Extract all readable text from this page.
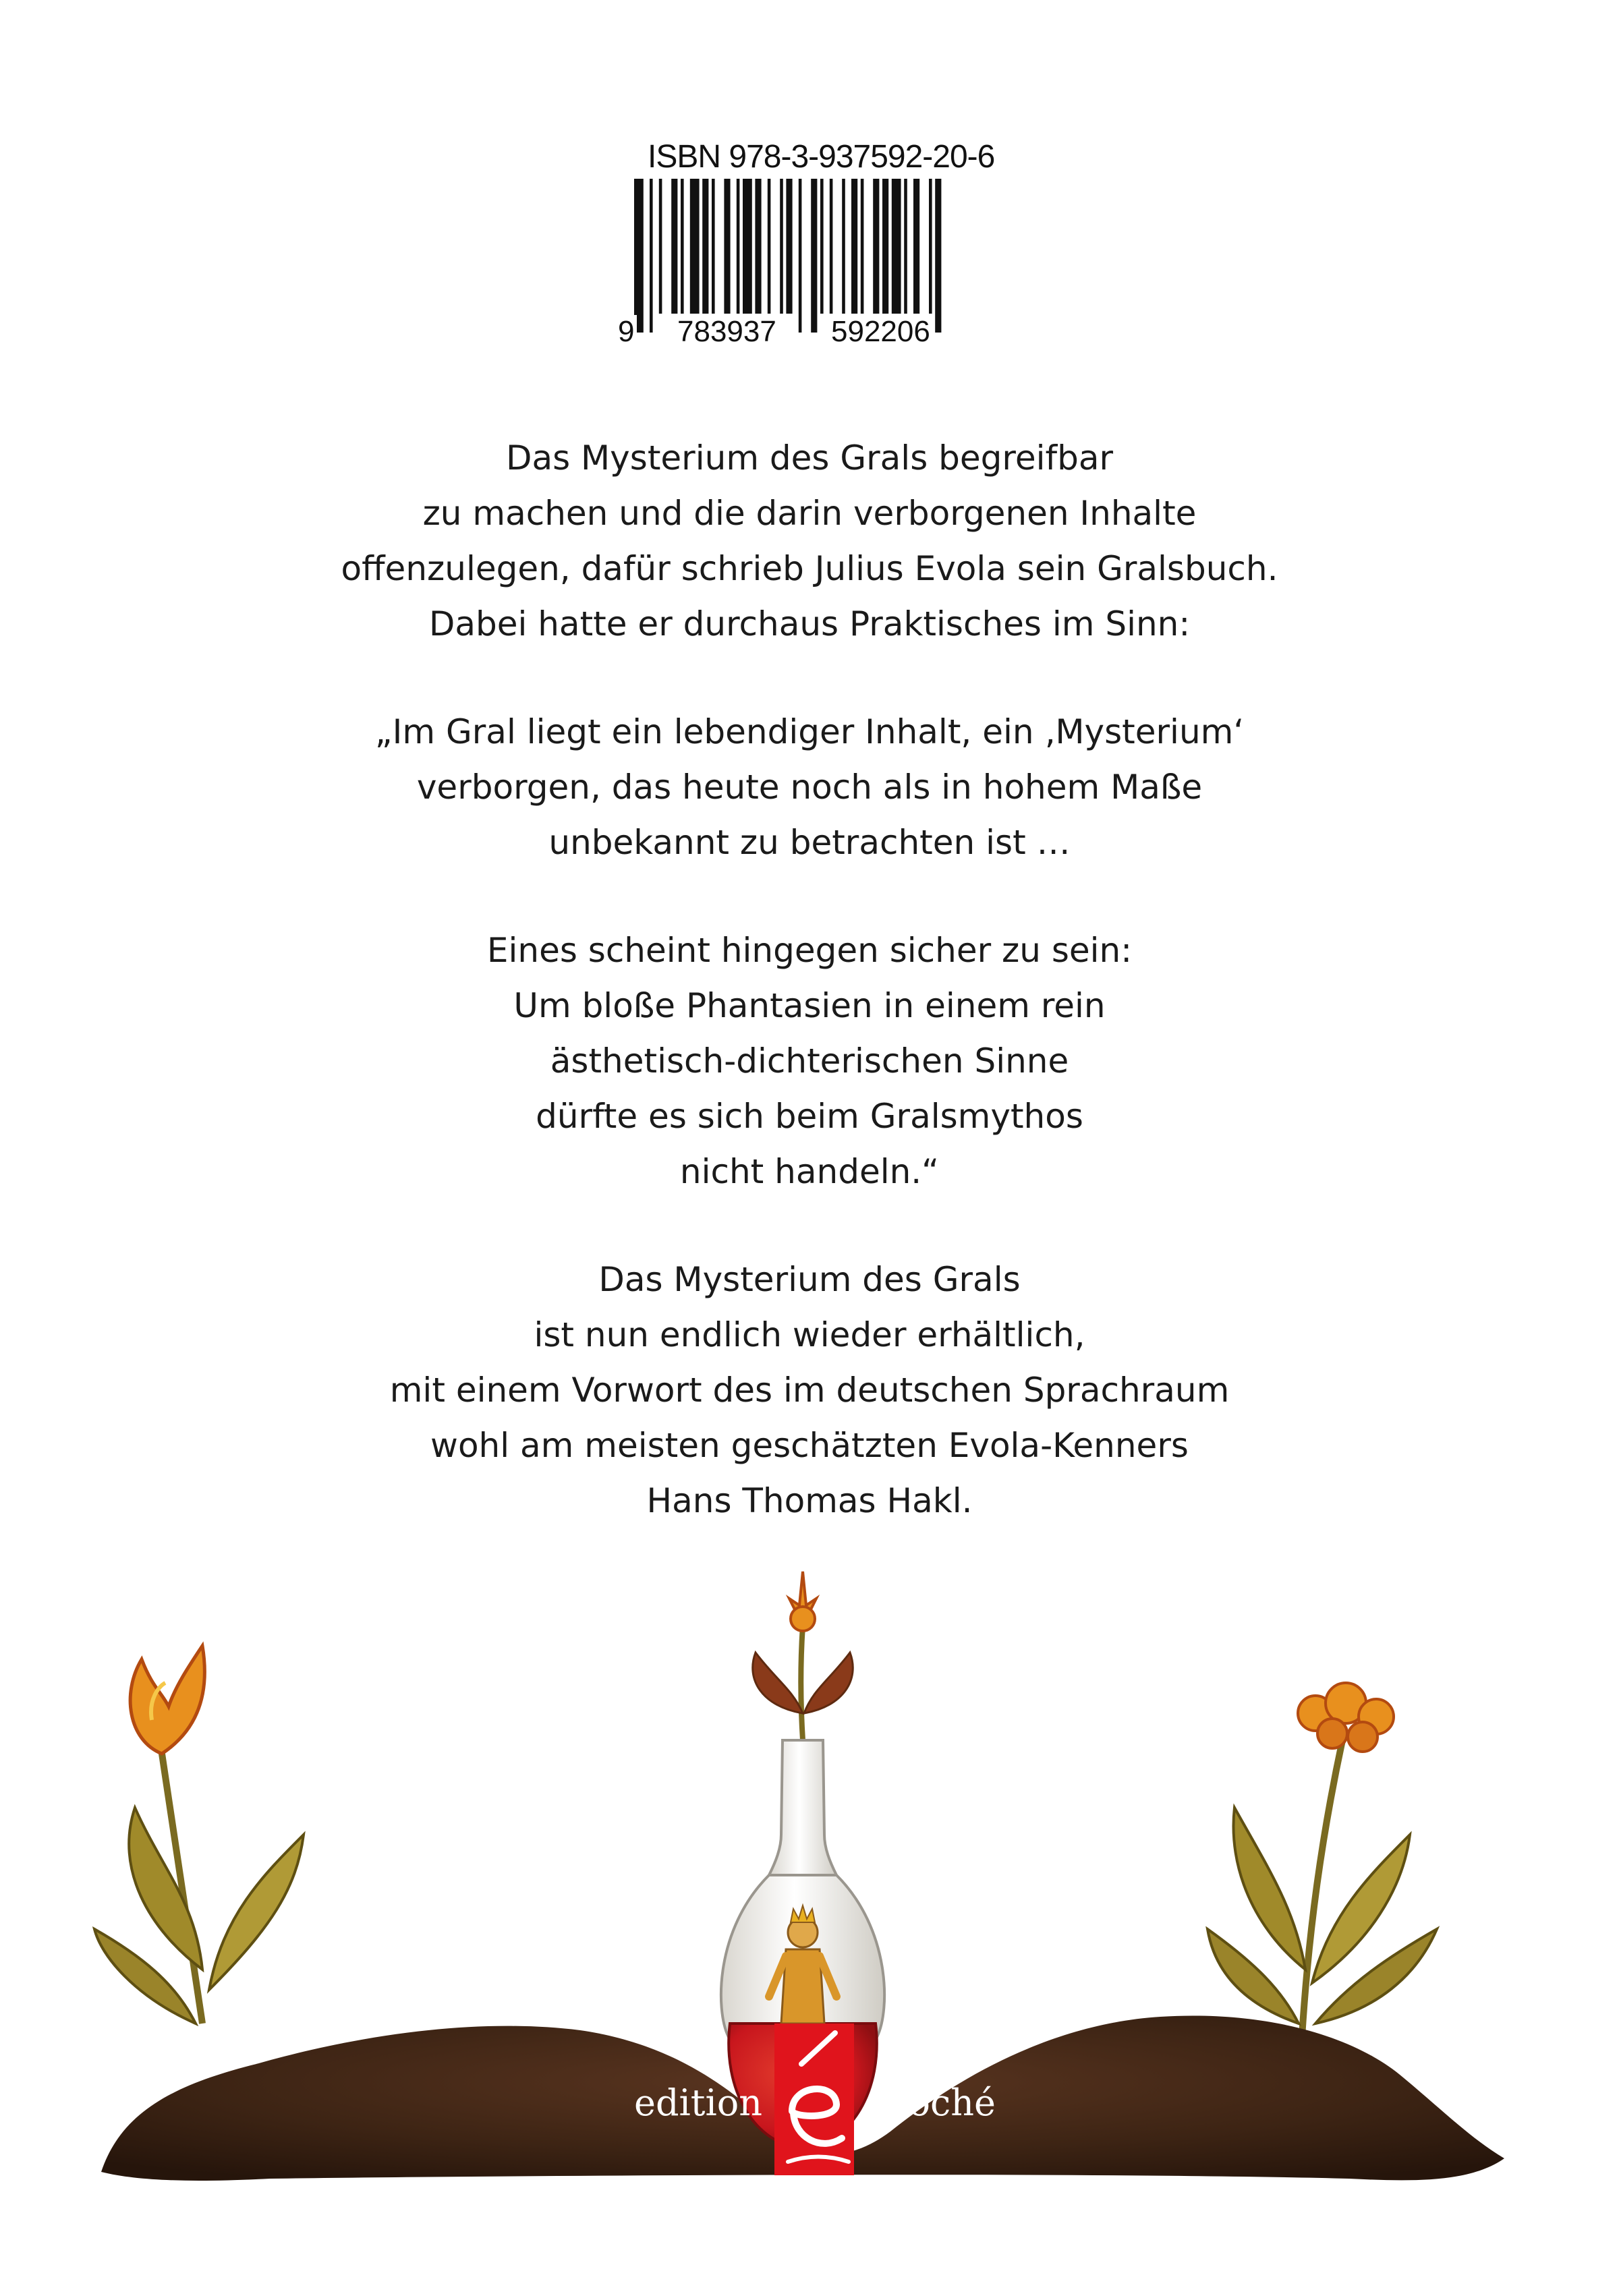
ISBN 978-3-937592-20-6
9 783937 592206

Das Mysterium des Grals begreifbar
zu machen und die darin verborgenen Inhalte
offenzulegen, dafür schrieb Julius Evola sein Gralsbuch.
Dabei hatte er durchaus Praktisches im Sinn:

„Im Gral liegt ein lebendiger Inhalt, ein ‚Mysterium‘
verborgen, das heute noch als in hohem Maße
unbekannt zu betrachten ist …

Eines scheint hingegen sicher zu sein:
Um bloße Phantasien in einem rein
ästhetisch-dichterischen Sinne
dürfte es sich beim Gralsmythos
nicht handeln.“

Das Mysterium des Grals
ist nun endlich wieder erhältlich,
mit einem Vorwort des im deutschen Sprachraum
wohl am meisten geschätzten Evola-Kenners
Hans Thomas Hakl.

edition	epoché
